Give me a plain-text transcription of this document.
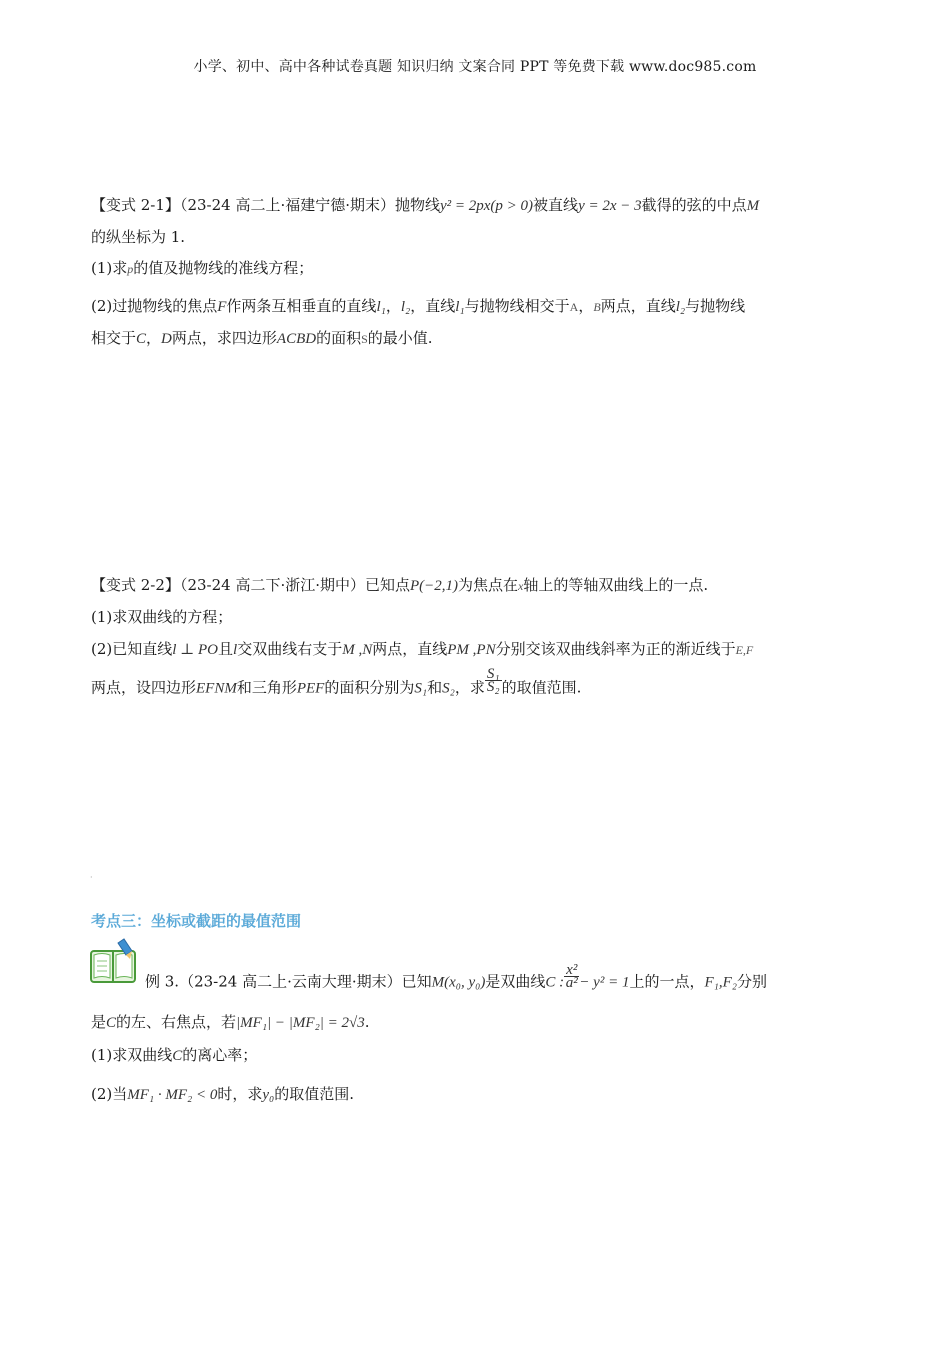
小学、初中、高中各种试卷真题 知识归纳 文案合同 PPT 等免费下载 www.doc985.com
【变式 2-1】（23-24 高二上·福建宁德·期末）抛物线y² = 2px(p > 0)被直线y = 2x − 3截得的弦的中点M
的纵坐标为 1.
(1)求p的值及抛物线的准线方程；
(2)过抛物线的焦点F作两条互相垂直的直线l₁，l₂，直线l₁与抛物线相交于A，B两点，直线l₂与抛物线
相交于C，D两点，求四边形ACBD的面积S的最小值.
【变式 2-2】（23-24 高二下·浙江·期中）已知点P(−2,1)为焦点在x轴上的等轴双曲线上的一点.
(1)求双曲线的方程；
(2)已知直线l ⊥ PO且l交双曲线右支于M ,N两点，直线PM ,PN分别交该双曲线斜率为正的渐近线于E,F
两点，设四边形EFNM和三角形PEF的面积分别为S₁和S₂，求 $\frac{\text{S₁}}{\text{S₂}}$ 的取值范围.
·
考点三：坐标或截距的最值范围
例 3.（23-24 高二上·云南大理·期末）已知M(x₀, y₀)是双曲线C : $\frac{\text{x²}}{\text{a²}} - y^2 = 1$上的一点，F₁,F₂分别
是C的左、右焦点，若|MF₁| − |MF₂| = 2√3.
(1)求双曲线C的离心率；
(2)当MF₁ · MF₂ < 0时，求y₀的取值范围.
